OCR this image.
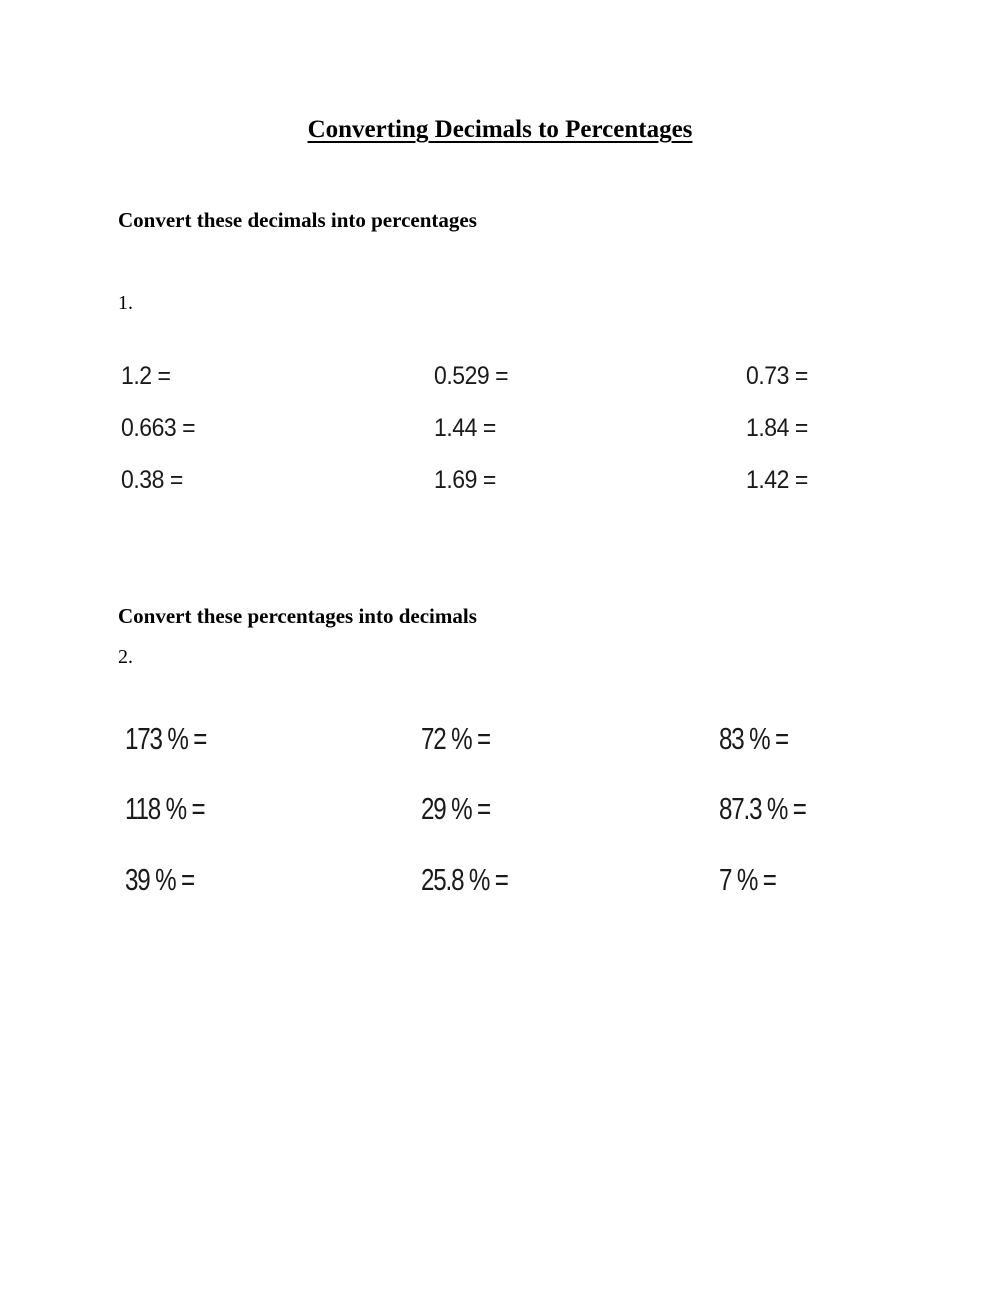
Converting Decimals to Percentages

Convert these decimals into percentages

1.

1.2 =	0.529 =	0.73 =
0.663 =	1.44 =	1.84 =
0.38 =	1.69 =	1.42 =

Convert these percentages into decimals

2.

173 % =	72 % =	83 % =
118 % =	29 % =	87.3 % =
39 % =	25.8 % =	7 % =
